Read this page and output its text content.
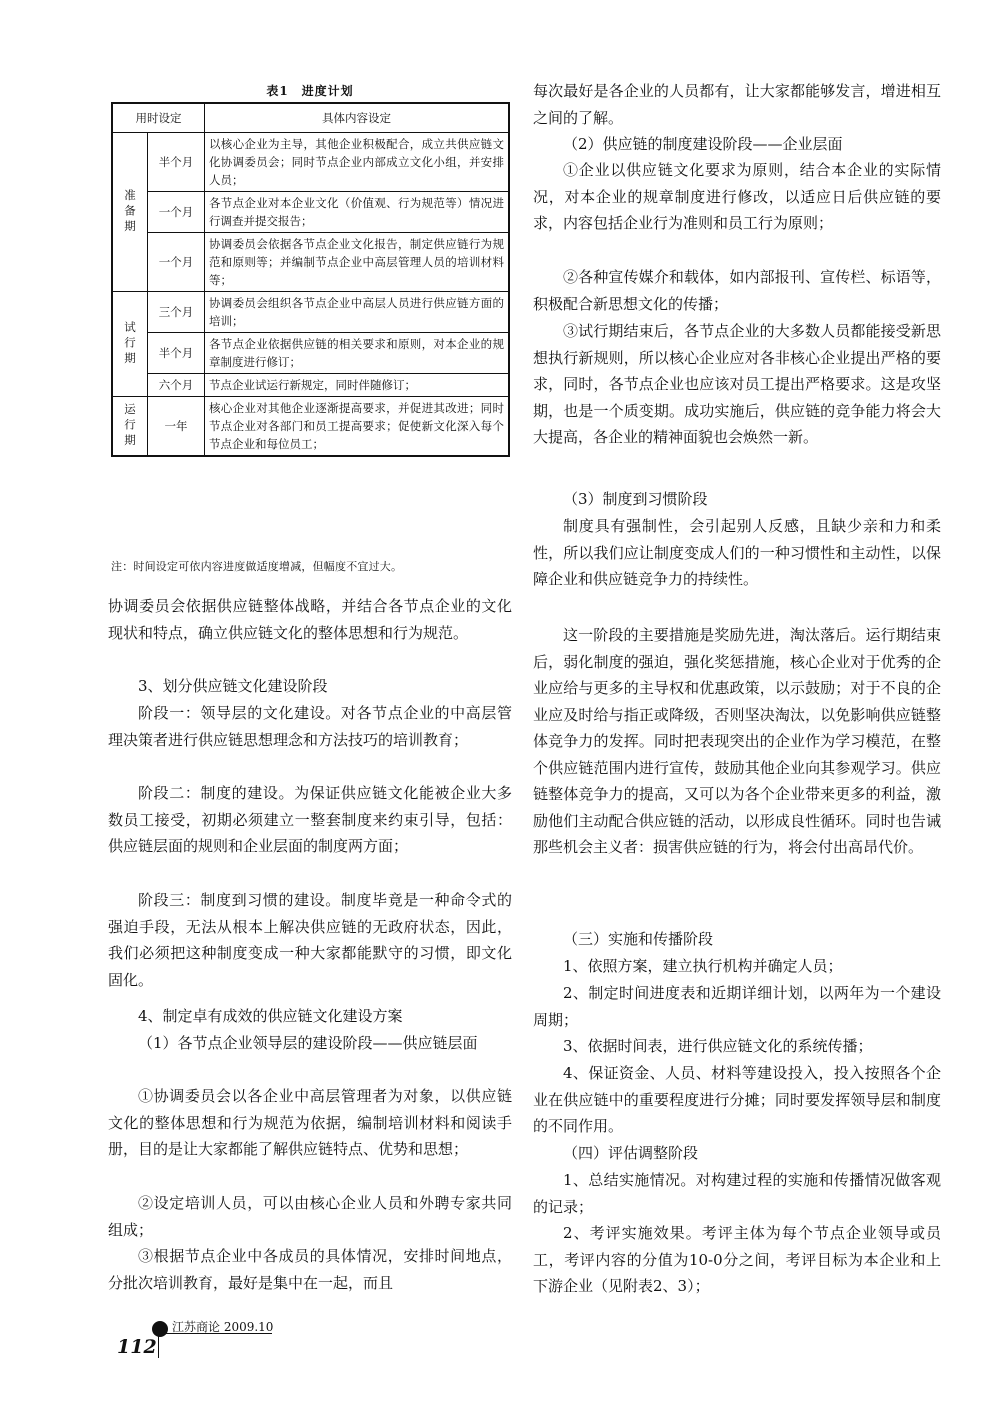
表1　进度计划
用时设定		具体内容设定
准备期	半个月	以核心企业为主导，其他企业积极配合，成立共供应链文化协调委员会；同时节点企业内部成立文化小组，并安排人员；
	一个月	各节点企业对本企业文化（价值观、行为规范等）情况进行调查并提交报告；
	一个月	协调委员会依据各节点企业文化报告，制定供应链行为规范和原则等；并编制节点企业中高层管理人员的培训材料等；
试行期	三个月	协调委员会组织各节点企业中高层人员进行供应链方面的培训；
	半个月	各节点企业依据供应链的相关要求和原则，对本企业的规章制度进行修订；
	六个月	节点企业试运行新规定，同时伴随修订；
运行期	一年	核心企业对其他企业逐渐提高要求，并促进其改进；同时节点企业对各部门和员工提高要求；促使新文化深入每个节点企业和每位员工；
注：时间设定可依内容进度做适度增减，但幅度不宜过大。

协调委员会依据供应链整体战略，并结合各节点企业的文化现状和特点，确立供应链文化的整体思想和行为规范。

3、划分供应链文化建设阶段

阶段一：领导层的文化建设。对各节点企业的中高层管理决策者进行供应链思想理念和方法技巧的培训教育；

阶段二：制度的建设。为保证供应链文化能被企业大多数员工接受，初期必须建立一整套制度来约束引导，包括：供应链层面的规则和企业层面的制度两方面；

阶段三：制度到习惯的建设。制度毕竟是一种命令式的强迫手段，无法从根本上解决供应链的无政府状态，因此，我们必须把这种制度变成一种大家都能默守的习惯，即文化固化。

4、制定卓有成效的供应链文化建设方案

（1）各节点企业领导层的建设阶段——供应链层面

①协调委员会以各企业中高层管理者为对象，以供应链文化的整体思想和行为规范为依据，编制培训材料和阅读手册，目的是让大家都能了解供应链特点、优势和思想；

②设定培训人员，可以由核心企业人员和外聘专家共同组成；

③根据节点企业中各成员的具体情况，安排时间地点，分批次培训教育，最好是集中在一起，而且

每次最好是各企业的人员都有，让大家都能够发言，增进相互之间的了解。

（2）供应链的制度建设阶段——企业层面

①企业以供应链文化要求为原则，结合本企业的实际情况，对本企业的规章制度进行修改，以适应日后供应链的要求，内容包括企业行为准则和员工行为原则；

②各种宣传媒介和载体，如内部报刊、宣传栏、标语等，积极配合新思想文化的传播；

③试行期结束后，各节点企业的大多数人员都能接受新思想执行新规则，所以核心企业应对各非核心企业提出严格的要求，同时，各节点企业也应该对员工提出严格要求。这是攻坚期，也是一个质变期。成功实施后，供应链的竞争能力将会大大提高，各企业的精神面貌也会焕然一新。

（3）制度到习惯阶段

制度具有强制性，会引起别人反感，且缺少亲和力和柔性，所以我们应让制度变成人们的一种习惯性和主动性，以保障企业和供应链竞争力的持续性。

这一阶段的主要措施是奖励先进，淘汰落后。运行期结束后，弱化制度的强迫，强化奖惩措施，核心企业对于优秀的企业应给与更多的主导权和优惠政策，以示鼓励；对于不良的企业应及时给与指正或降级，否则坚决淘汰，以免影响供应链整体竞争力的发挥。同时把表现突出的企业作为学习模范，在整个供应链范围内进行宣传，鼓励其他企业向其参观学习。供应链整体竞争力的提高，又可以为各个企业带来更多的利益，激励他们主动配合供应链的活动，以形成良性循环。同时也告诫那些机会主义者：损害供应链的行为，将会付出高昂代价。

（三）实施和传播阶段

1、依照方案，建立执行机构并确定人员；

2、制定时间进度表和近期详细计划，以两年为一个建设周期；

3、依据时间表，进行供应链文化的系统传播；

4、保证资金、人员、材料等建设投入，投入按照各个企业在供应链中的重要程度进行分摊；同时要发挥领导层和制度的不同作用。

（四）评估调整阶段

1、总结实施情况。对构建过程的实施和传播情况做客观的记录；

2、考评实施效果。考评主体为每个节点企业领导或员工，考评内容的分值为10-0分之间，考评目标为本企业和上下游企业（见附表2、3）；

江苏商论 2009.10
112
